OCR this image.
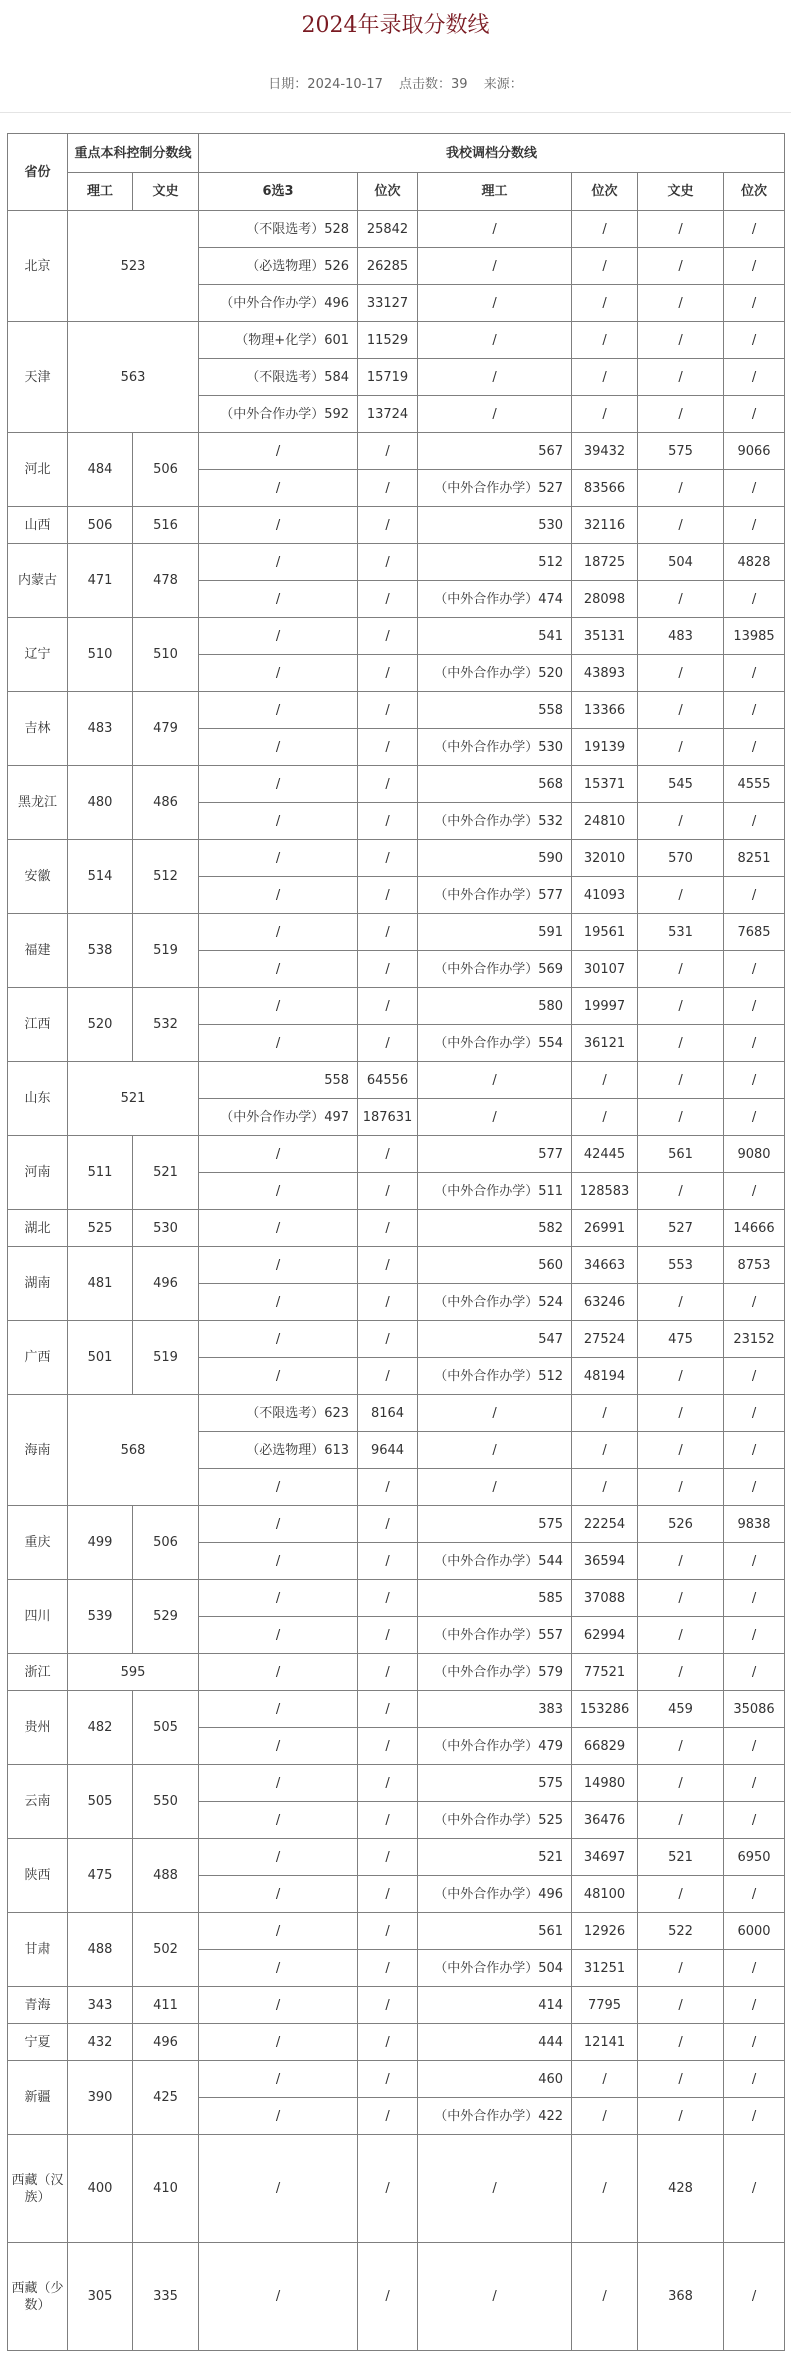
2024年录取分数线
日期：2024-10-17 点击数：39 来源：
省份	重点本科控制分数线		我校调档分数线					
	理工	文史	6选3	位次	理工	位次	文史	位次
北京	523		（不限选考）528	25842	/	/	/	/
			（必选物理）526	26285	/	/	/	/
			（中外合作办学）496	33127	/	/	/	/
天津	563		（物理+化学）601	11529	/	/	/	/
			（不限选考）584	15719	/	/	/	/
			（中外合作办学）592	13724	/	/	/	/
河北	484	506	/	/	567	39432	575	9066
			/	/	（中外合作办学）527	83566	/	/
山西	506	516	/	/	530	32116	/	/
内蒙古	471	478	/	/	512	18725	504	4828
			/	/	（中外合作办学）474	28098	/	/
辽宁	510	510	/	/	541	35131	483	13985
			/	/	（中外合作办学）520	43893	/	/
吉林	483	479	/	/	558	13366	/	/
			/	/	（中外合作办学）530	19139	/	/
黑龙江	480	486	/	/	568	15371	545	4555
			/	/	（中外合作办学）532	24810	/	/
安徽	514	512	/	/	590	32010	570	8251
			/	/	（中外合作办学）577	41093	/	/
福建	538	519	/	/	591	19561	531	7685
			/	/	（中外合作办学）569	30107	/	/
江西	520	532	/	/	580	19997	/	/
			/	/	（中外合作办学）554	36121	/	/
山东	521		558	64556	/	/	/	/
			（中外合作办学）497	187631	/	/	/	/
河南	511	521	/	/	577	42445	561	9080
			/	/	（中外合作办学）511	128583	/	/
湖北	525	530	/	/	582	26991	527	14666
湖南	481	496	/	/	560	34663	553	8753
			/	/	（中外合作办学）524	63246	/	/
广西	501	519	/	/	547	27524	475	23152
			/	/	（中外合作办学）512	48194	/	/
海南	568		（不限选考）623	8164	/	/	/	/
			（必选物理）613	9644	/	/	/	/
			/	/	/	/	/	/
重庆	499	506	/	/	575	22254	526	9838
			/	/	（中外合作办学）544	36594	/	/
四川	539	529	/	/	585	37088	/	/
			/	/	（中外合作办学）557	62994	/	/
浙江	595		/	/	（中外合作办学）579	77521	/	/
贵州	482	505	/	/	383	153286	459	35086
			/	/	（中外合作办学）479	66829	/	/
云南	505	550	/	/	575	14980	/	/
			/	/	（中外合作办学）525	36476	/	/
陕西	475	488	/	/	521	34697	521	6950
			/	/	（中外合作办学）496	48100	/	/
甘肃	488	502	/	/	561	12926	522	6000
			/	/	（中外合作办学）504	31251	/	/
青海	343	411	/	/	414	7795	/	/
宁夏	432	496	/	/	444	12141	/	/
新疆	390	425	/	/	460	/	/	/
			/	/	（中外合作办学）422	/	/	/
西藏（汉族）	400	410	/	/	/	/	428	/
西藏（少数）	305	335	/	/	/	/	368	/
